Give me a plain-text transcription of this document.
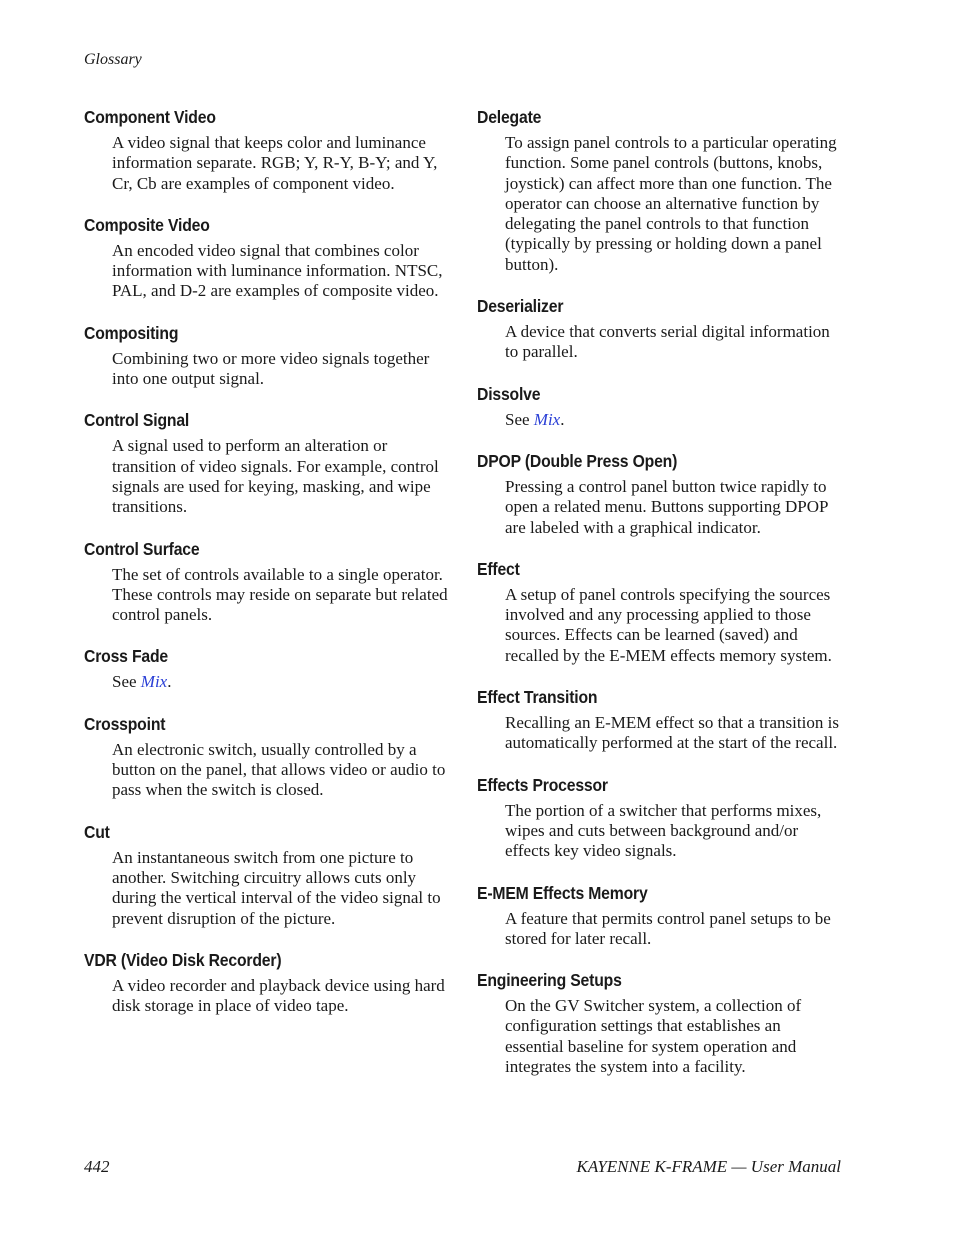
Glossary
Component Video
A video signal that keeps color and luminance information separate. RGB; Y, R-Y, B-Y; and Y, Cr, Cb are examples of component video.
Composite Video
An encoded video signal that combines color information with luminance information. NTSC, PAL, and D-2 are examples of composite video.
Compositing
Combining two or more video signals together into one output signal.
Control Signal
A signal used to perform an alteration or transition of video signals. For example, control signals are used for keying, masking, and wipe transitions.
Control Surface
The set of controls available to a single operator. These controls may reside on separate but related control panels.
Cross Fade
See Mix.
Crosspoint
An electronic switch, usually controlled by a button on the panel, that allows video or audio to pass when the switch is closed.
Cut
An instantaneous switch from one picture to another. Switching circuitry allows cuts only during the vertical interval of the video signal to prevent disruption of the picture.
VDR (Video Disk Recorder)
A video recorder and playback device using hard disk storage in place of video tape.
Delegate
To assign panel controls to a particular operating function. Some panel controls (buttons, knobs, joystick) can affect more than one function. The operator can choose an alternative function by delegating the panel controls to that function (typically by pressing or holding down a panel button).
Deserializer
A device that converts serial digital information to parallel.
Dissolve
See Mix.
DPOP (Double Press Open)
Pressing a control panel button twice rapidly to open a related menu. Buttons supporting DPOP are labeled with a graphical indicator.
Effect
A setup of panel controls specifying the sources involved and any processing applied to those sources. Effects can be learned (saved) and recalled by the E-MEM effects memory system.
Effect Transition
Recalling an E-MEM effect so that a transition is automatically performed at the start of the recall.
Effects Processor
The portion of a switcher that performs mixes, wipes and cuts between background and/or effects key video signals.
E-MEM Effects Memory
A feature that permits control panel setups to be stored for later recall.
Engineering Setups
On the GV Switcher system, a collection of configuration settings that establishes an essential baseline for system operation and integrates the system into a facility.
442	KAYENNE K-FRAME — User Manual
